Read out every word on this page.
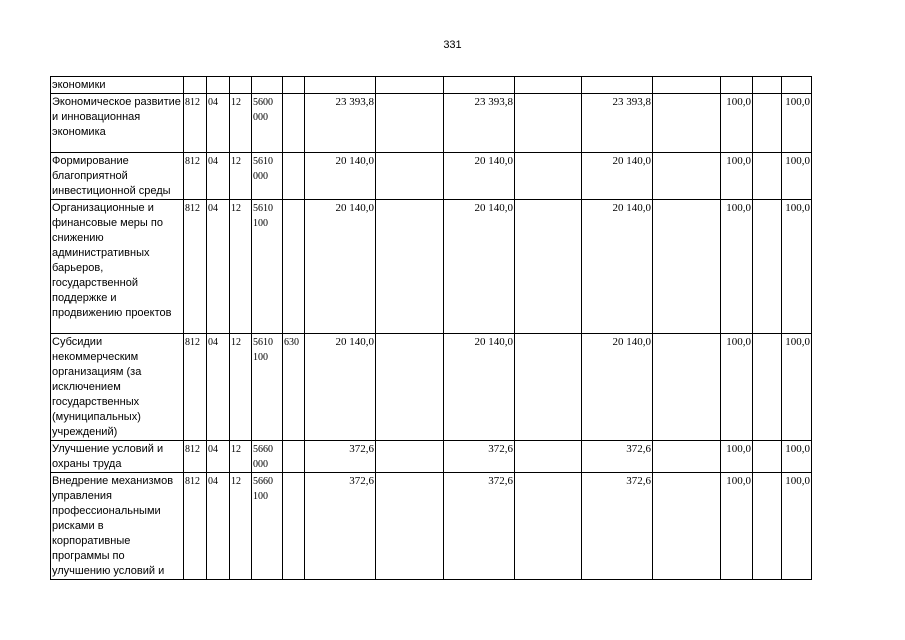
331
экономики														
Экономическое развитие и инновационная экономика	812	04	12	5600 000		23 393,8		23 393,8		23 393,8		100,0		100,0
Формирование благоприятной инвестиционной среды	812	04	12	5610 000		20 140,0		20 140,0		20 140,0		100,0		100,0
Организационные и финансовые меры по снижению административных барьеров, государственной поддержке и продвижению проектов	812	04	12	5610 100		20 140,0		20 140,0		20 140,0		100,0		100,0
Субсидии некоммерческим организациям (за исключением государственных (муниципальных) учреждений)	812	04	12	5610 100	630	20 140,0		20 140,0		20 140,0		100,0		100,0
Улучшение условий и охраны труда	812	04	12	5660 000		372,6		372,6		372,6		100,0		100,0
Внедрение механизмов управления профессиональными рисками в корпоративные программы по улучшению условий и	812	04	12	5660 100		372,6		372,6		372,6		100,0		100,0
